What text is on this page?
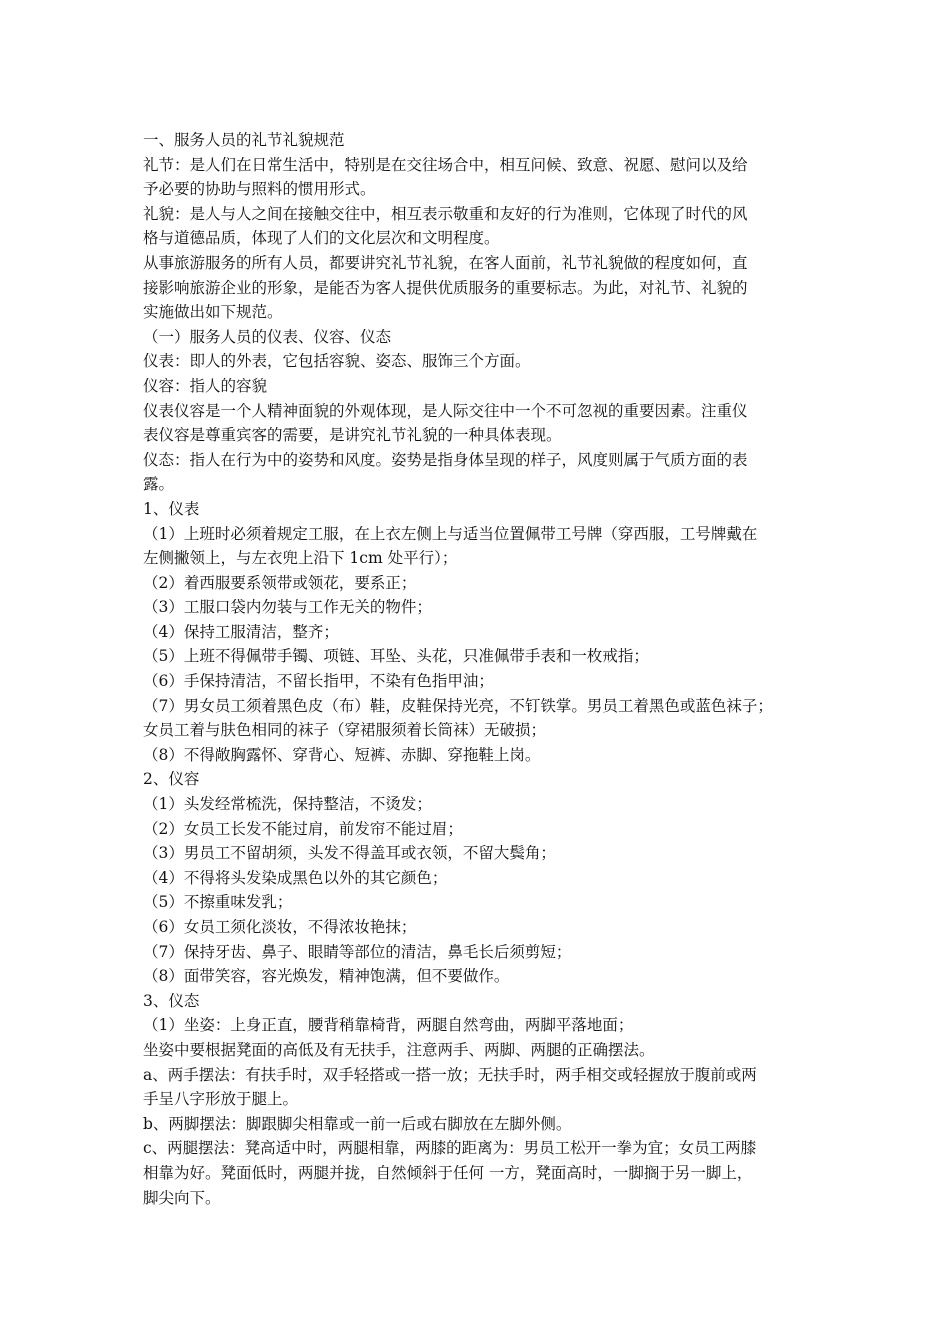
一、服务人员的礼节礼貌规范

礼节：是人们在日常生活中，特别是在交往场合中，相互问候、致意、祝愿、慰问以及给

予必要的协助与照料的惯用形式。

礼貌：是人与人之间在接触交往中，相互表示敬重和友好的行为准则，它体现了时代的风

格与道德品质，体现了人们的文化层次和文明程度。

从事旅游服务的所有人员，都要讲究礼节礼貌，在客人面前，礼节礼貌做的程度如何，直

接影响旅游企业的形象，是能否为客人提供优质服务的重要标志。为此，对礼节、礼貌的

实施做出如下规范。

（一）服务人员的仪表、仪容、仪态

仪表：即人的外表，它包括容貌、姿态、服饰三个方面。

仪容：指人的容貌

仪表仪容是一个人精神面貌的外观体现，是人际交往中一个不可忽视的重要因素。注重仪

表仪容是尊重宾客的需要，是讲究礼节礼貌的一种具体表现。

仪态：指人在行为中的姿势和风度。姿势是指身体呈现的样子，风度则属于气质方面的表

露。

1、仪表

（1）上班时必须着规定工服，在上衣左侧上与适当位置佩带工号牌（穿西服，工号牌戴在

左侧撇领上，与左衣兜上沿下 1cm 处平行）；

（2）着西服要系领带或领花，要系正；

（3）工服口袋内勿装与工作无关的物件；

（4）保持工服清洁，整齐；

（5）上班不得佩带手镯、项链、耳坠、头花，只准佩带手表和一枚戒指；

（6）手保持清洁，不留长指甲，不染有色指甲油；

（7）男女员工须着黑色皮（布）鞋，皮鞋保持光亮，不钉铁掌。男员工着黑色或蓝色袜子；

女员工着与肤色相同的袜子（穿裙服须着长筒袜）无破损；

（8）不得敞胸露怀、穿背心、短裤、赤脚、穿拖鞋上岗。

2、仪容

（1）头发经常梳洗，保持整洁，不烫发；

（2）女员工长发不能过肩，前发帘不能过眉；

（3）男员工不留胡须，头发不得盖耳或衣领，不留大鬓角；

（4）不得将头发染成黑色以外的其它颜色；

（5）不擦重味发乳；

（6）女员工须化淡妆，不得浓妆艳抹；

（7）保持牙齿、鼻子、眼睛等部位的清洁，鼻毛长后须剪短；

（8）面带笑容，容光焕发，精神饱满，但不要做作。

3、仪态

（1）坐姿：上身正直，腰背稍靠椅背，两腿自然弯曲，两脚平落地面；

坐姿中要根据凳面的高低及有无扶手，注意两手、两脚、两腿的正确摆法。

a、两手摆法：有扶手时，双手轻搭或一搭一放；无扶手时，两手相交或轻握放于腹前或两

手呈八字形放于腿上。

b、两脚摆法：脚跟脚尖相靠或一前一后或右脚放在左脚外侧。

c、两腿摆法：凳高适中时，两腿相靠，两膝的距离为：男员工松开一拳为宜；女员工两膝

相靠为好。凳面低时，两腿并拢，自然倾斜于任何 一方，凳面高时，一脚搁于另一脚上，

脚尖向下。
